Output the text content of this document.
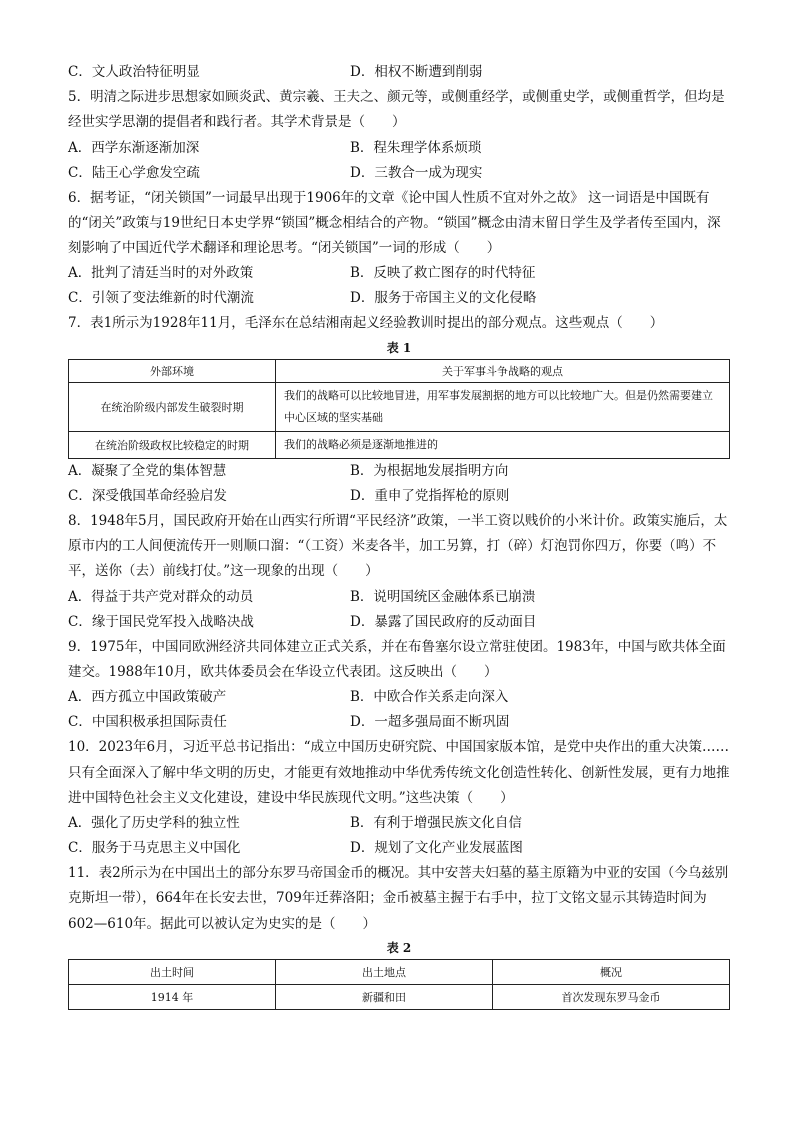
C．文人政治特征明显	D．相权不断遭到削弱

5．明清之际进步思想家如顾炎武、黄宗羲、王夫之、颜元等，或侧重经学，或侧重史学，或侧重哲学，但均是经世实学思潮的提倡者和践行者。其学术背景是（　　）

A．西学东渐逐渐加深	B．程朱理学体系烦琐
C．陆王心学愈发空疏	D．三教合一成为现实

6．据考证，“闭关锁国”一词最早出现于1906年的文章《论中国人性质不宜对外之故》 这一词语是中国既有的“闭关”政策与19世纪日本史学界“锁国”概念相结合的产物。“锁国”概念由清末留日学生及学者传至国内，深刻影响了中国近代学术翻译和理论思考。“闭关锁国”一词的形成（　　）

A．批判了清廷当时的对外政策	B．反映了救亡图存的时代特征
C．引领了变法维新的时代潮流	D．服务于帝国主义的文化侵略

7．表1所示为1928年11月，毛泽东在总结湘南起义经验教训时提出的部分观点。这些观点（　　）

表 1
外部环境	关于军事斗争战略的观点
在统治阶级内部发生破裂时期	我们的战略可以比较地冒进，用军事发展割据的地方可以比较地广大。但是仍然需要建立中心区域的坚实基础
在统治阶级政权比较稳定的时期	我们的战略必须是逐渐地推进的
A．凝聚了全党的集体智慧	B．为根据地发展指明方向
C．深受俄国革命经验启发	D．重申了党指挥枪的原则

8．1948年5月，国民政府开始在山西实行所谓“平民经济”政策，一半工资以贱价的小米计价。政策实施后，太原市内的工人间便流传开一则顺口溜：“（工资）米麦各半，加工另算，打（碎）灯泡罚你四万，你要（鸣）不平，送你（去）前线打仗。”这一现象的出现（　　）

A．得益于共产党对群众的动员	B．说明国统区金融体系已崩溃
C．缘于国民党军投入战略决战	D．暴露了国民政府的反动面目

9．1975年，中国同欧洲经济共同体建立正式关系，并在布鲁塞尔设立常驻使团。1983年，中国与欧共体全面建交。1988年10月，欧共体委员会在华设立代表团。这反映出（　　）

A．西方孤立中国政策破产	B．中欧合作关系走向深入
C．中国积极承担国际责任	D．一超多强局面不断巩固

10．2023年6月，习近平总书记指出：“成立中国历史研究院、中国国家版本馆，是党中央作出的重大决策……只有全面深入了解中华文明的历史，才能更有效地推动中华优秀传统文化创造性转化、创新性发展，更有力地推进中国特色社会主义文化建设，建设中华民族现代文明。”这些决策（　　）

A．强化了历史学科的独立性	B．有利于增强民族文化自信
C．服务于马克思主义中国化	D．规划了文化产业发展蓝图

11．表2所示为在中国出土的部分东罗马帝国金币的概况。其中安菩夫妇墓的墓主原籍为中亚的安国（今乌兹别克斯坦一带），664年在长安去世，709年迁葬洛阳；金币被墓主握于右手中，拉丁文铭文显示其铸造时间为602—610年。据此可以被认定为史实的是（　　）

表 2
出土时间	出土地点	概况
1914 年	新疆和田	首次发现东罗马金币
